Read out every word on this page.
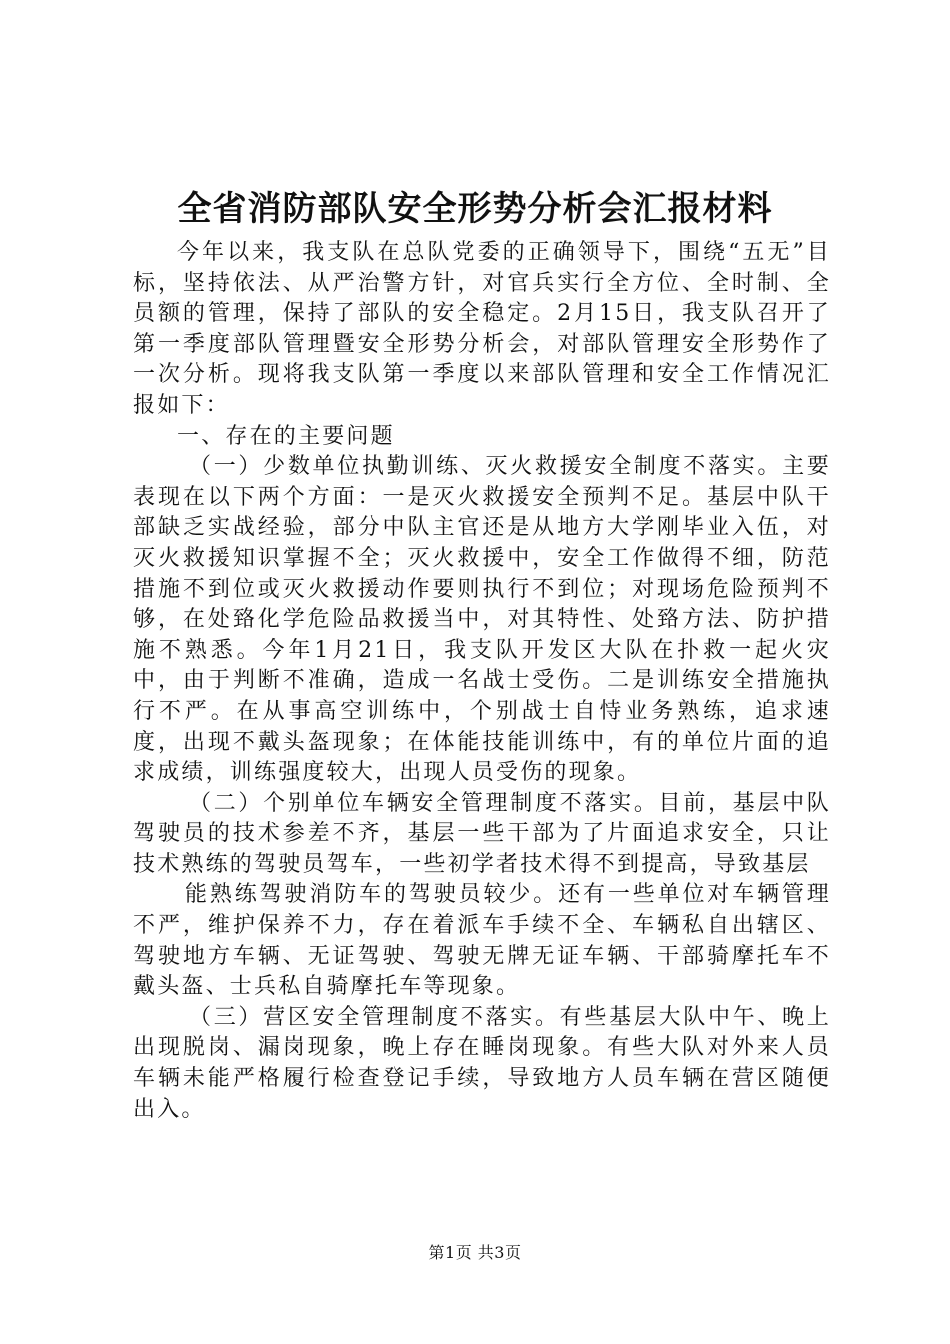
全省消防部队安全形势分析会汇报材料

今年以来，我支队在总队党委的正确领导下，围绕“五无”目标，坚持依法、从严治警方针，对官兵实行全方位、全时制、全员额的管理，保持了部队的安全稳定。2月15日，我支队召开了第一季度部队管理暨安全形势分析会，对部队管理安全形势作了一次分析。现将我支队第一季度以来部队管理和安全工作情况汇报如下：

一、存在的主要问题

（一）少数单位执勤训练、灭火救援安全制度不落实。主要表现在以下两个方面：一是灭火救援安全预判不足。基层中队干部缺乏实战经验，部分中队主官还是从地方大学刚毕业入伍，对灭火救援知识掌握不全；灭火救援中，安全工作做得不细，防范措施不到位或灭火救援动作要则执行不到位；对现场危险预判不够，在处臵化学危险品救援当中，对其特性、处臵方法、防护措施不熟悉。今年1月21日，我支队开发区大队在扑救一起火灾中，由于判断不准确，造成一名战士受伤。二是训练安全措施执行不严。在从事高空训练中，个别战士自恃业务熟练，追求速度，出现不戴头盔现象；在体能技能训练中，有的单位片面的追求成绩，训练强度较大，出现人员受伤的现象。

（二）个别单位车辆安全管理制度不落实。目前，基层中队驾驶员的技术参差不齐，基层一些干部为了片面追求安全，只让技术熟练的驾驶员驾车，一些初学者技术得不到提高，导致基层

能熟练驾驶消防车的驾驶员较少。还有一些单位对车辆管理不严，维护保养不力，存在着派车手续不全、车辆私自出辖区、驾驶地方车辆、无证驾驶、驾驶无牌无证车辆、干部骑摩托车不戴头盔、士兵私自骑摩托车等现象。

（三）营区安全管理制度不落实。有些基层大队中午、晚上出现脱岗、漏岗现象，晚上存在睡岗现象。有些大队对外来人员车辆未能严格履行检查登记手续，导致地方人员车辆在营区随便出入。

第1页 共3页
